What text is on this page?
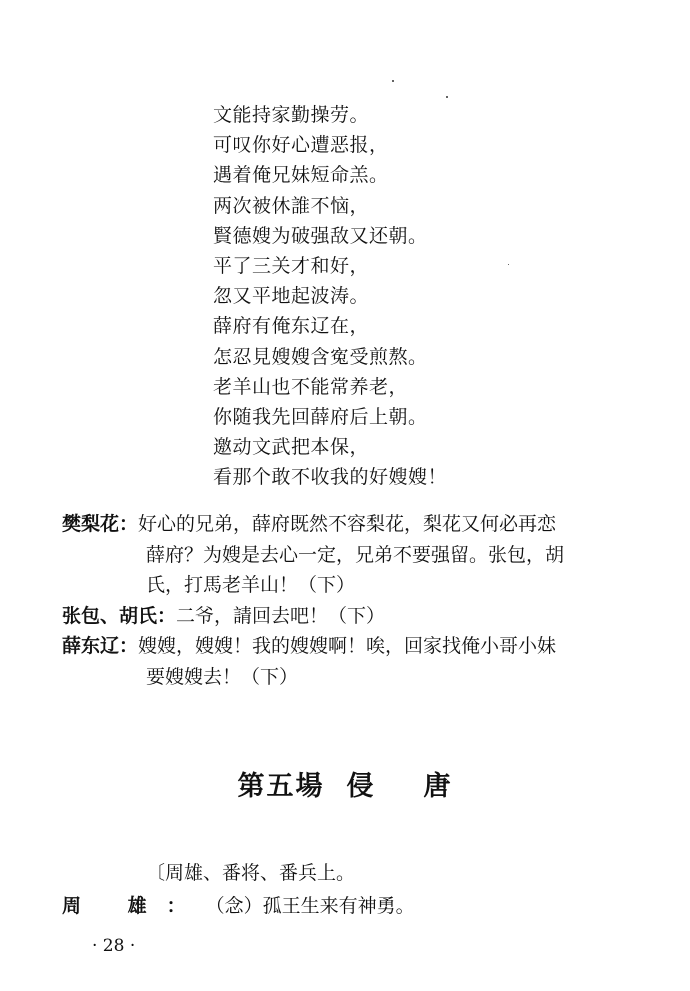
文能持家勤操劳。
可叹你好心遭恶报，
遇着俺兄妹短命羔。
两次被休誰不恼，
賢德嫂为破强敌又还朝。
平了三关才和好，
忽又平地起波涛。
薛府有俺东辽在，
怎忍見嫂嫂含寃受煎熬。
老羊山也不能常养老，
你随我先回薛府后上朝。
邀动文武把本保，
看那个敢不收我的好嫂嫂！
樊梨花： 好心的兄弟，薛府既然不容梨花，梨花又何必再恋
薛府？为嫂是去心一定，兄弟不要强留。张包，胡
氏，打馬老羊山！（下）
张包、胡氏： 二爷，請回去吧！（下）
薛东辽： 嫂嫂，嫂嫂！我的嫂嫂啊！唉，回家找俺小哥小妹
要嫂嫂去！（下）
第五場 侵唐
〔周雄、番将、番兵上。
周 雄： （念）孤王生来有神勇。
· 28 ·
